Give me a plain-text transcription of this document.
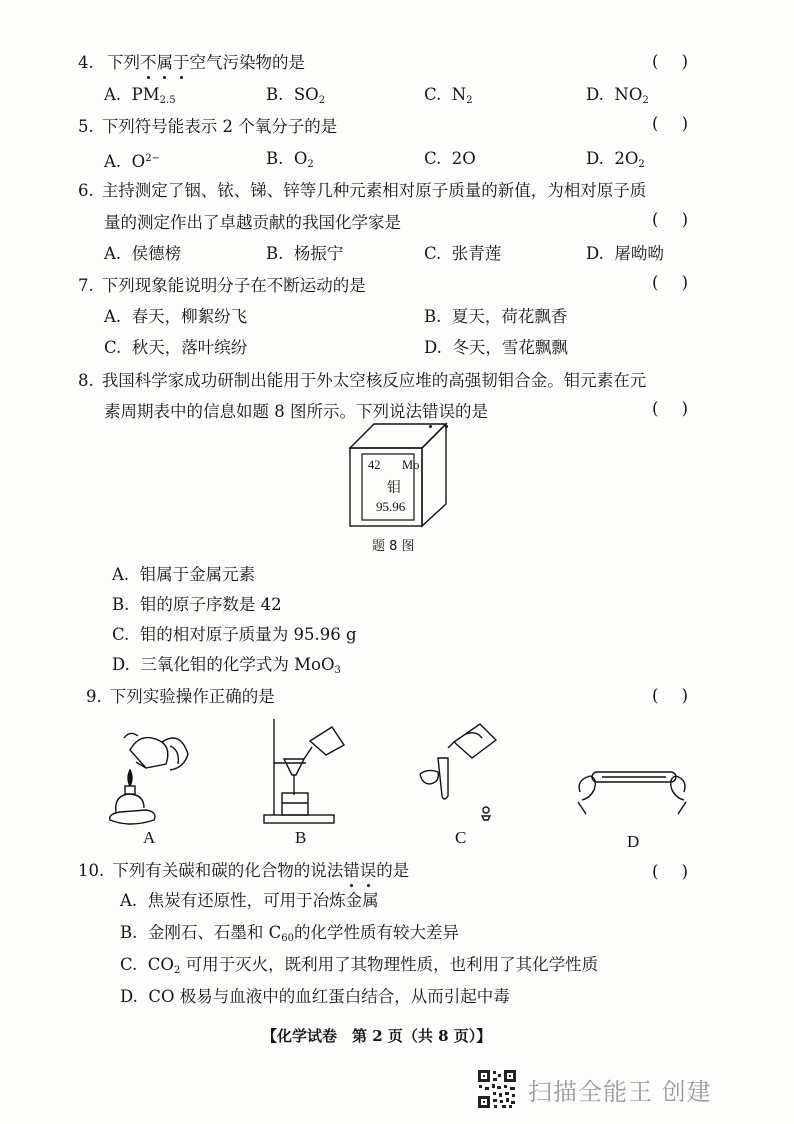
4. 下列不属于空气污染物的是	( )
A. $PM_{2.5}$	B. $SO_2$	C. $N_2$	D. $NO_2$
5. 下列符号能表示 2 个氧分子的是	( )
A. $O^{2-}$	B. $O_2$	C. 2O	D. $2O_2$
6. 主持测定了铟、铱、锑、锌等几种元素相对原子质量的新值，为相对原子质
量的测定作出了卓越贡献的我国化学家是	( )
A. 侯德榜	B. 杨振宁	C. 张青莲	D. 屠呦呦
7. 下列现象能说明分子在不断运动的是	( )
A. 春天，柳絮纷飞	B. 夏天，荷花飘香
C. 秋天，落叶缤纷	D. 冬天，雪花飘飘
8. 我国科学家成功研制出能用于外太空核反应堆的高强韧钼合金。钼元素在元
素周期表中的信息如题 8 图所示。下列说法错误的是	( )
42 Mo
钼
95.96
题 8 图
A. 钼属于金属元素
B. 钼的原子序数是 42
C. 钼的相对原子质量为 95.96 g
D. 三氧化钼的化学式为 MoO$_3$
9. 下列实验操作正确的是	( )
A	B	C	D
10. 下列有关碳和碳的化合物的说法错误的是	( )
A. 焦炭有还原性，可用于冶炼金属
B. 金刚石、石墨和 $C_{60}$的化学性质有较大差异
C. $CO_2$ 可用于灭火，既利用了其物理性质，也利用了其化学性质
D. CO 极易与血液中的血红蛋白结合，从而引起中毒
【化学试卷　第 2 页（共 8 页）】
扫描全能王 创建
